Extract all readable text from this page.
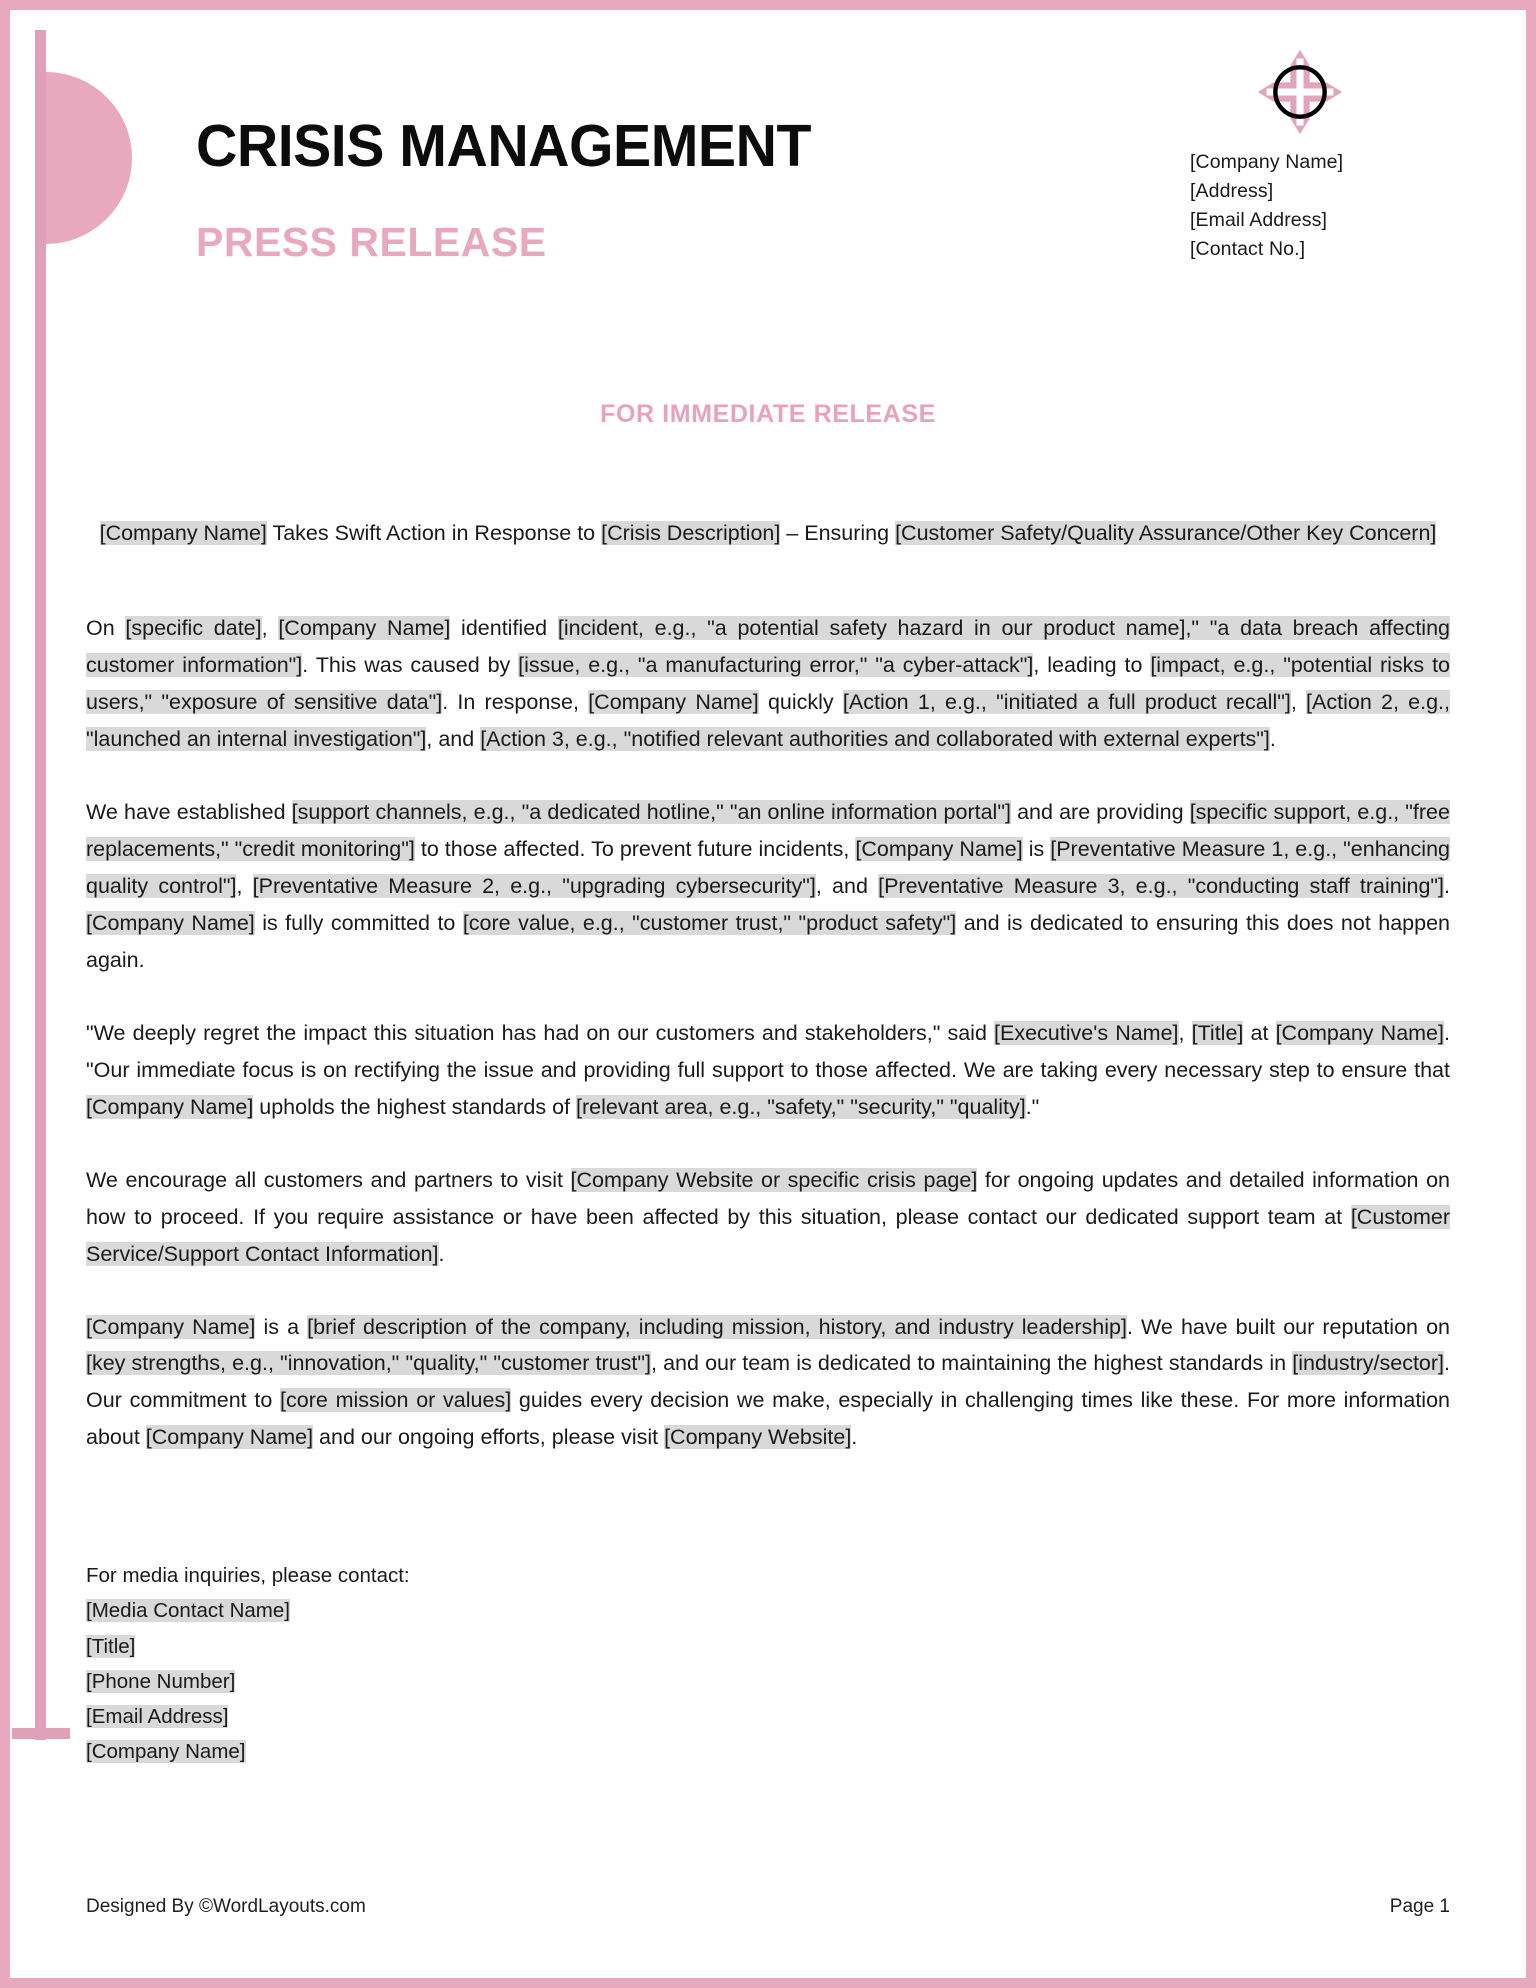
CRISIS MANAGEMENT
PRESS RELEASE
[Company Name]
[Address]
[Email Address]
[Contact No.]
FOR IMMEDIATE RELEASE
[Company Name] Takes Swift Action in Response to [Crisis Description] – Ensuring [Customer Safety/Quality Assurance/Other Key Concern]
On [specific date], [Company Name] identified [incident, e.g., "a potential safety hazard in our product name]," "a data breach affecting customer information"]. This was caused by [issue, e.g., "a manufacturing error," "a cyber-attack"], leading to [impact, e.g., "potential risks to users," "exposure of sensitive data"]. In response, [Company Name] quickly [Action 1, e.g., "initiated a full product recall"], [Action 2, e.g., "launched an internal investigation"], and [Action 3, e.g., "notified relevant authorities and collaborated with external experts"].
We have established [support channels, e.g., "a dedicated hotline," "an online information portal"] and are providing [specific support, e.g., "free replacements," "credit monitoring"] to those affected. To prevent future incidents, [Company Name] is [Preventative Measure 1, e.g., "enhancing quality control"], [Preventative Measure 2, e.g., "upgrading cybersecurity"], and [Preventative Measure 3, e.g., "conducting staff training"]. [Company Name] is fully committed to [core value, e.g., "customer trust," "product safety"] and is dedicated to ensuring this does not happen again.
"We deeply regret the impact this situation has had on our customers and stakeholders," said [Executive's Name], [Title] at [Company Name]. "Our immediate focus is on rectifying the issue and providing full support to those affected. We are taking every necessary step to ensure that [Company Name] upholds the highest standards of [relevant area, e.g., "safety," "security," "quality]."
We encourage all customers and partners to visit [Company Website or specific crisis page] for ongoing updates and detailed information on how to proceed. If you require assistance or have been affected by this situation, please contact our dedicated support team at [Customer Service/Support Contact Information].
[Company Name] is a [brief description of the company, including mission, history, and industry leadership]. We have built our reputation on [key strengths, e.g., "innovation," "quality," "customer trust"], and our team is dedicated to maintaining the highest standards in [industry/sector]. Our commitment to [core mission or values] guides every decision we make, especially in challenging times like these. For more information about [Company Name] and our ongoing efforts, please visit [Company Website].
For media inquiries, please contact:
[Media Contact Name]
[Title]
[Phone Number]
[Email Address]
[Company Name]
Designed By ©WordLayouts.com	Page 1
